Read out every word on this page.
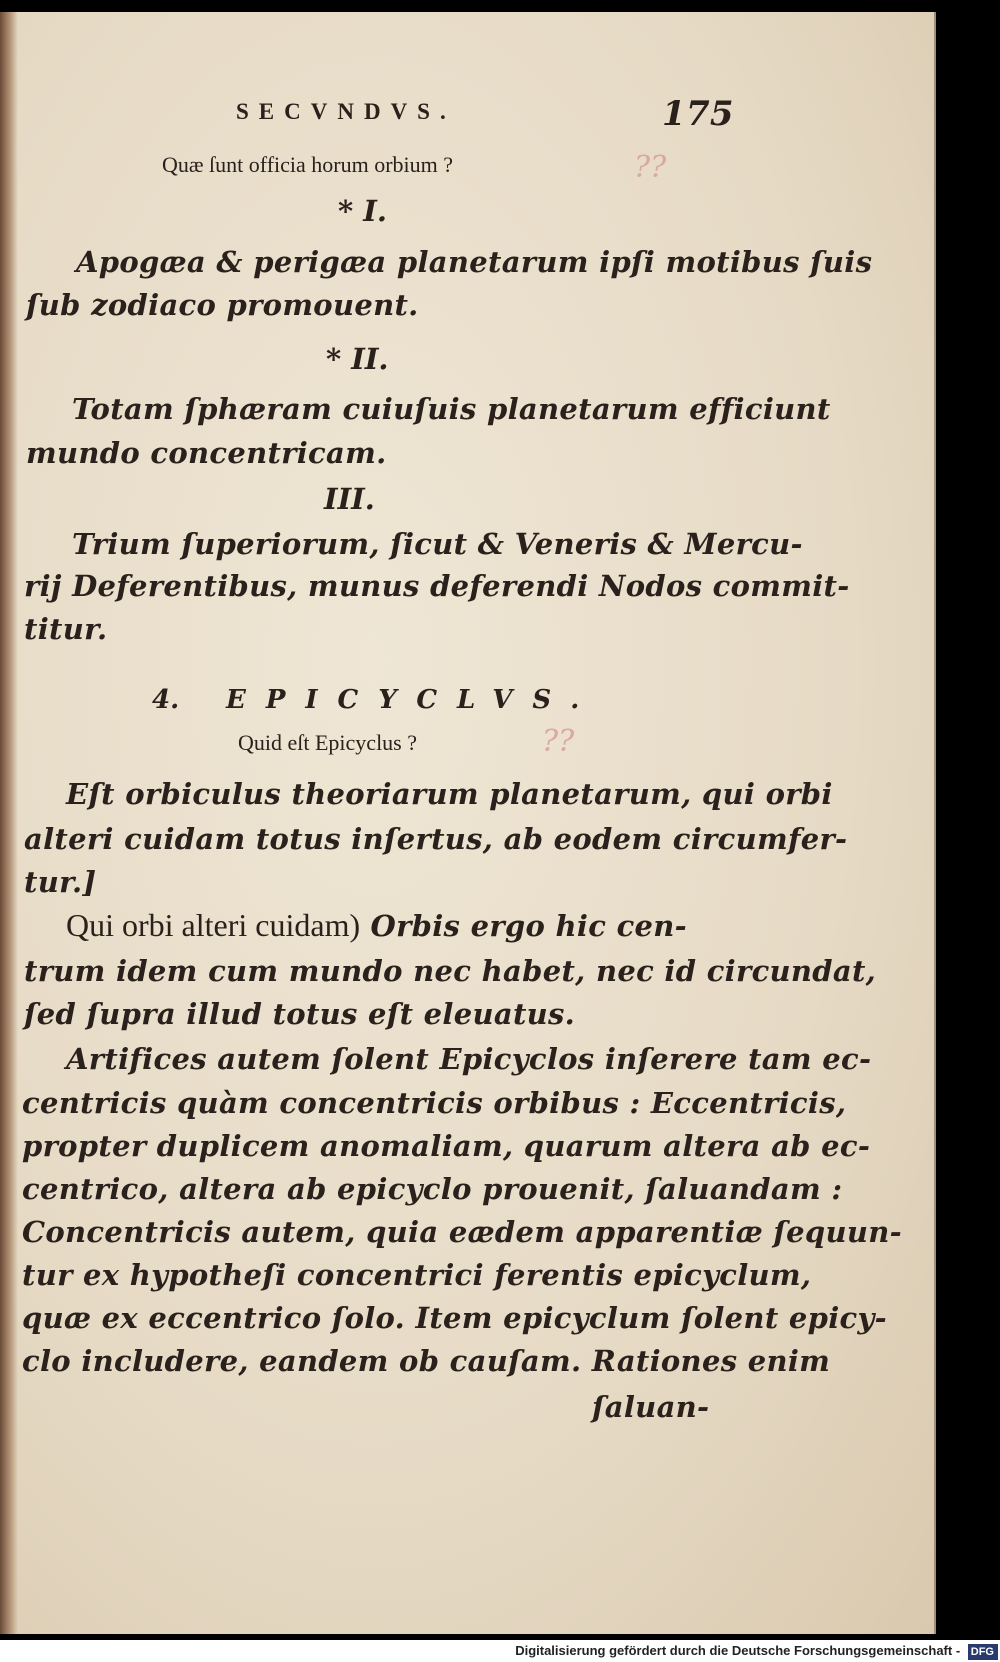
SECVNDVS.	175
Quæ ſunt officia horum orbium ?	??
* I.
Apogæa & perigæa planetarum ipſi motibus ſuis
ſub zodiaco promouent.
* II.
Totam ſphæram cuiuſuis planetarum efficiunt
mundo concentricam.
III.
Trium ſuperiorum, ſicut & Veneris & Mercu-
rij Deferentibus, munus deferendi Nodos commit-
titur.
4. EPICYCLVS.
Quid eſt Epicyclus ?	??
Eſt orbiculus theoriarum planetarum, qui orbi
alteri cuidam totus inſertus, ab eodem circumfer-
tur.]
Qui orbi alteri cuidam) Orbis ergo hic cen-
trum idem cum mundo nec habet, nec id circundat,
ſed ſupra illud totus eſt eleuatus.
Artifices autem ſolent Epicyclos inſerere tam ec-
centricis quàm concentricis orbibus : Eccentricis,
propter duplicem anomaliam, quarum altera ab ec-
centrico, altera ab epicyclo prouenit, ſaluandam :
Concentricis autem, quia eædem apparentiæ ſequun-
tur ex hypotheſi concentrici ferentis epicyclum,
quæ ex eccentrico ſolo. Item epicyclum ſolent epicy-
clo includere, eandem ob cauſam. Rationes enim
ſaluan-
Digitalisierung gefördert durch die Deutsche Forschungsgemeinschaft - DFG
